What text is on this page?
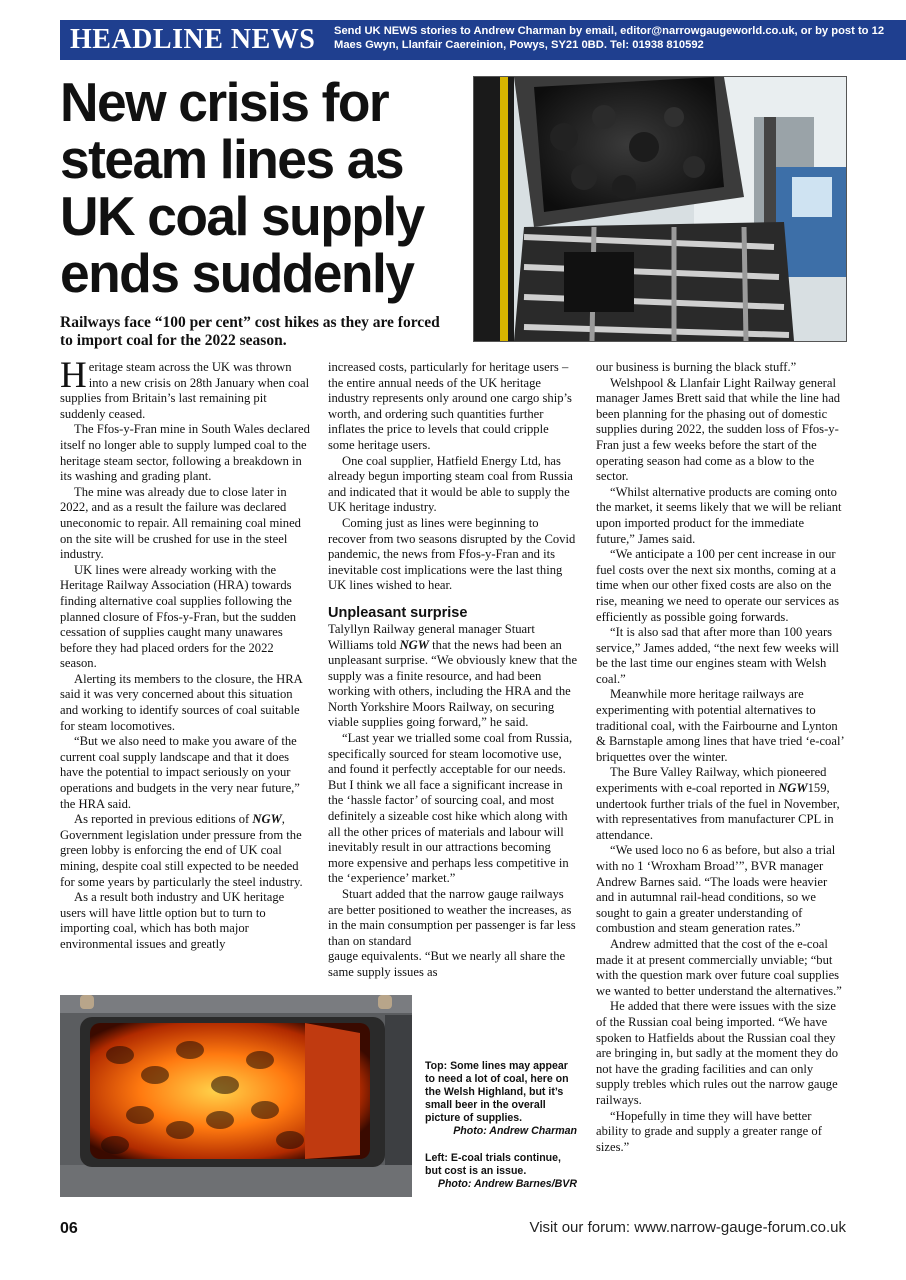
HEADLINE NEWS Send UK NEWS stories to Andrew Charman by email, editor@narrowgaugeworld.co.uk, or by post to 12 Maes Gwyn, Llanfair Caereinion, Powys, SY21 0BD. Tel: 01938 810592
New crisis for steam lines as UK coal supply ends suddenly
Railways face “100 per cent” cost hikes as they are forced to import coal for the 2022 season.

Heritage steam across the UK was thrown into a new crisis on 28th January when coal supplies from Britain’s last remaining pit suddenly ceased.

The Ffos-y-Fran mine in South Wales declared itself no longer able to supply lumped coal to the heritage steam sector, following a breakdown in its washing and grading plant.

The mine was already due to close later in 2022, and as a result the failure was declared uneconomic to repair. All remaining coal mined on the site will be crushed for use in the steel industry.

UK lines were already working with the Heritage Railway Association (HRA) towards finding alternative coal supplies following the planned closure of Ffos-y-Fran, but the sudden cessation of supplies caught many unawares before they had placed orders for the 2022 season.

Alerting its members to the closure, the HRA said it was very concerned about this situation and working to identify sources of coal suitable for steam locomotives.

“But we also need to make you aware of the current coal supply landscape and that it does have the potential to impact seriously on your operations and budgets in the very near future,” the HRA said.

As reported in previous editions of NGW, Government legislation under pressure from the green lobby is enforcing the end of UK coal mining, despite coal still expected to be needed for some years by particularly the steel industry.

As a result both industry and UK heritage users will have little option but to turn to importing coal, which has both major environmental issues and greatly

increased costs, particularly for heritage users – the entire annual needs of the UK heritage industry represents only around one cargo ship’s worth, and ordering such quantities further inflates the price to levels that could cripple some heritage users.

One coal supplier, Hatfield Energy Ltd, has already begun importing steam coal from Russia and indicated that it would be able to supply the UK heritage industry.

Coming just as lines were beginning to recover from two seasons disrupted by the Covid pandemic, the news from Ffos-y-Fran and its inevitable cost implications were the last thing UK lines wished to hear.

Unpleasant surprise

Talyllyn Railway general manager Stuart Williams told NGW that the news had been an unpleasant surprise. “We obviously knew that the supply was a finite resource, and had been working with others, including the HRA and the North Yorkshire Moors Railway, on securing viable supplies going forward,” he said.

“Last year we trialled some coal from Russia, specifically sourced for steam locomotive use, and found it perfectly acceptable for our needs. But I think we all face a significant increase in the ‘hassle factor’ of sourcing coal, and most definitely a sizeable cost hike which along with all the other prices of materials and labour will inevitably result in our attractions becoming more expensive and perhaps less competitive in the ‘experience’ market.”

Stuart added that the narrow gauge railways are better positioned to weather the increases, as in the main consumption per passenger is far less than on standard

gauge equivalents. “But we nearly all share the same supply issues as

our business is burning the black stuff.”

Welshpool & Llanfair Light Railway general manager James Brett said that while the line had been planning for the phasing out of domestic supplies during 2022, the sudden loss of Ffos-y-Fran just a few weeks before the start of the operating season had come as a blow to the sector.

“Whilst alternative products are coming onto the market, it seems likely that we will be reliant upon imported product for the immediate future,” James said.

“We anticipate a 100 per cent increase in our fuel costs over the next six months, coming at a time when our other fixed costs are also on the rise, meaning we need to operate our services as efficiently as possible going forwards.

“It is also sad that after more than 100 years service,” James added, “the next few weeks will be the last time our engines steam with Welsh coal.”

Meanwhile more heritage railways are experimenting with potential alternatives to traditional coal, with the Fairbourne and Lynton & Barnstaple among lines that have tried ‘e-coal’ briquettes over the winter.

The Bure Valley Railway, which pioneered experiments with e-coal reported in NGW159, undertook further trials of the fuel in November, with representatives from manufacturer CPL in attendance.

“We used loco no 6 as before, but also a trial with no 1 ‘Wroxham Broad’”, BVR manager Andrew Barnes said. “The loads were heavier and in autumnal rail-head conditions, so we sought to gain a greater understanding of combustion and steam generation rates.”

Andrew admitted that the cost of the e-coal made it at present commercially unviable; “but with the question mark over future coal supplies we wanted to better understand the alternatives.”

He added that there were issues with the size of the Russian coal being imported. “We have spoken to Hatfields about the Russian coal they are bringing in, but sadly at the moment they do not have the grading facilities and can only supply trebles which rules out the narrow gauge railways.

“Hopefully in time they will have better ability to grade and supply a greater range of sizes.”

Top: Some lines may appear to need a lot of coal, here on the Welsh Highland, but it’s small beer in the overall picture of supplies.
Photo: Andrew Charman
Left: E-coal trials continue, but cost is an issue.
Photo: Andrew Barnes/BVR
06	Visit our forum: www.narrow-gauge-forum.co.uk
